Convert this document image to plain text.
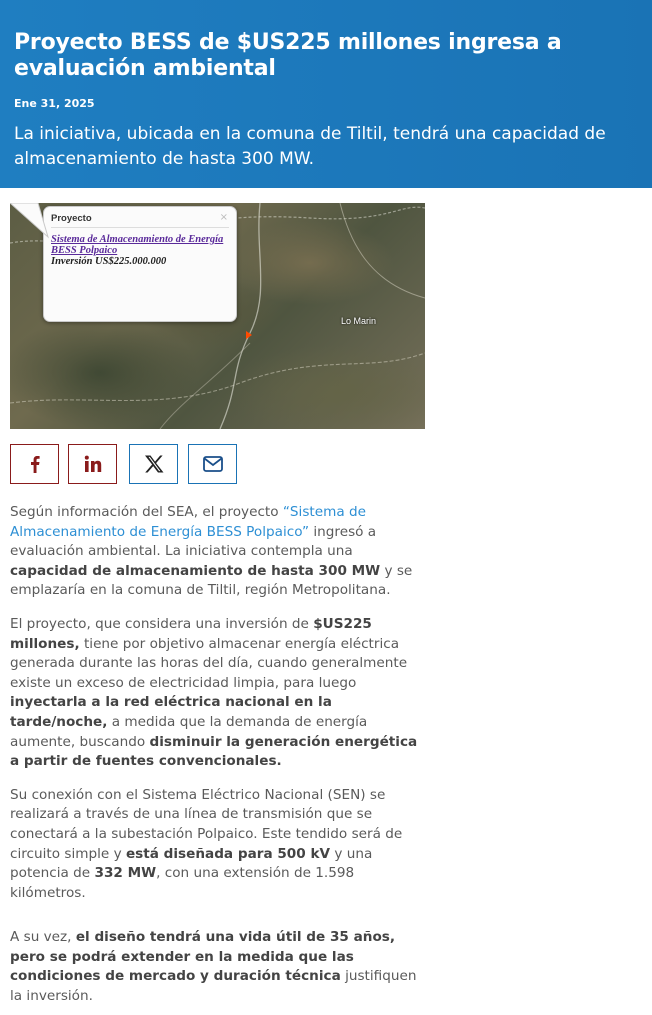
Proyecto BESS de $US225 millones ingresa a evaluación ambiental
Ene 31, 2025
La iniciativa, ubicada en la comuna de Tiltil, tendrá una capacidad de almacenamiento de hasta 300 MW.
Proyecto	×
Sistema de Almacenamiento de Energía BESS Polpaico
Inversión US$225.000.000
Lo Marin

Según información del SEA, el proyecto “Sistema de Almacenamiento de Energía BESS Polpaico” ingresó a evaluación ambiental. La iniciativa contempla una capacidad de almacenamiento de hasta 300 MW y se emplazaría en la comuna de Tiltil, región Metropolitana.

El proyecto, que considera una inversión de $US225 millones, tiene por objetivo almacenar energía eléctrica generada durante las horas del día, cuando generalmente existe un exceso de electricidad limpia, para luego inyectarla a la red eléctrica nacional en la tarde/noche, a medida que la demanda de energía aumente, buscando disminuir la generación energética a partir de fuentes convencionales.

Su conexión con el Sistema Eléctrico Nacional (SEN) se realizará a través de una línea de transmisión que se conectará a la subestación Polpaico. Este tendido será de circuito simple y está diseñada para 500 kV y una potencia de 332 MW, con una extensión de 1.598 kilómetros.

A su vez, el diseño tendrá una vida útil de 35 años, pero se podrá extender en la medida que las condiciones de mercado y duración técnica justifiquen la inversión.
